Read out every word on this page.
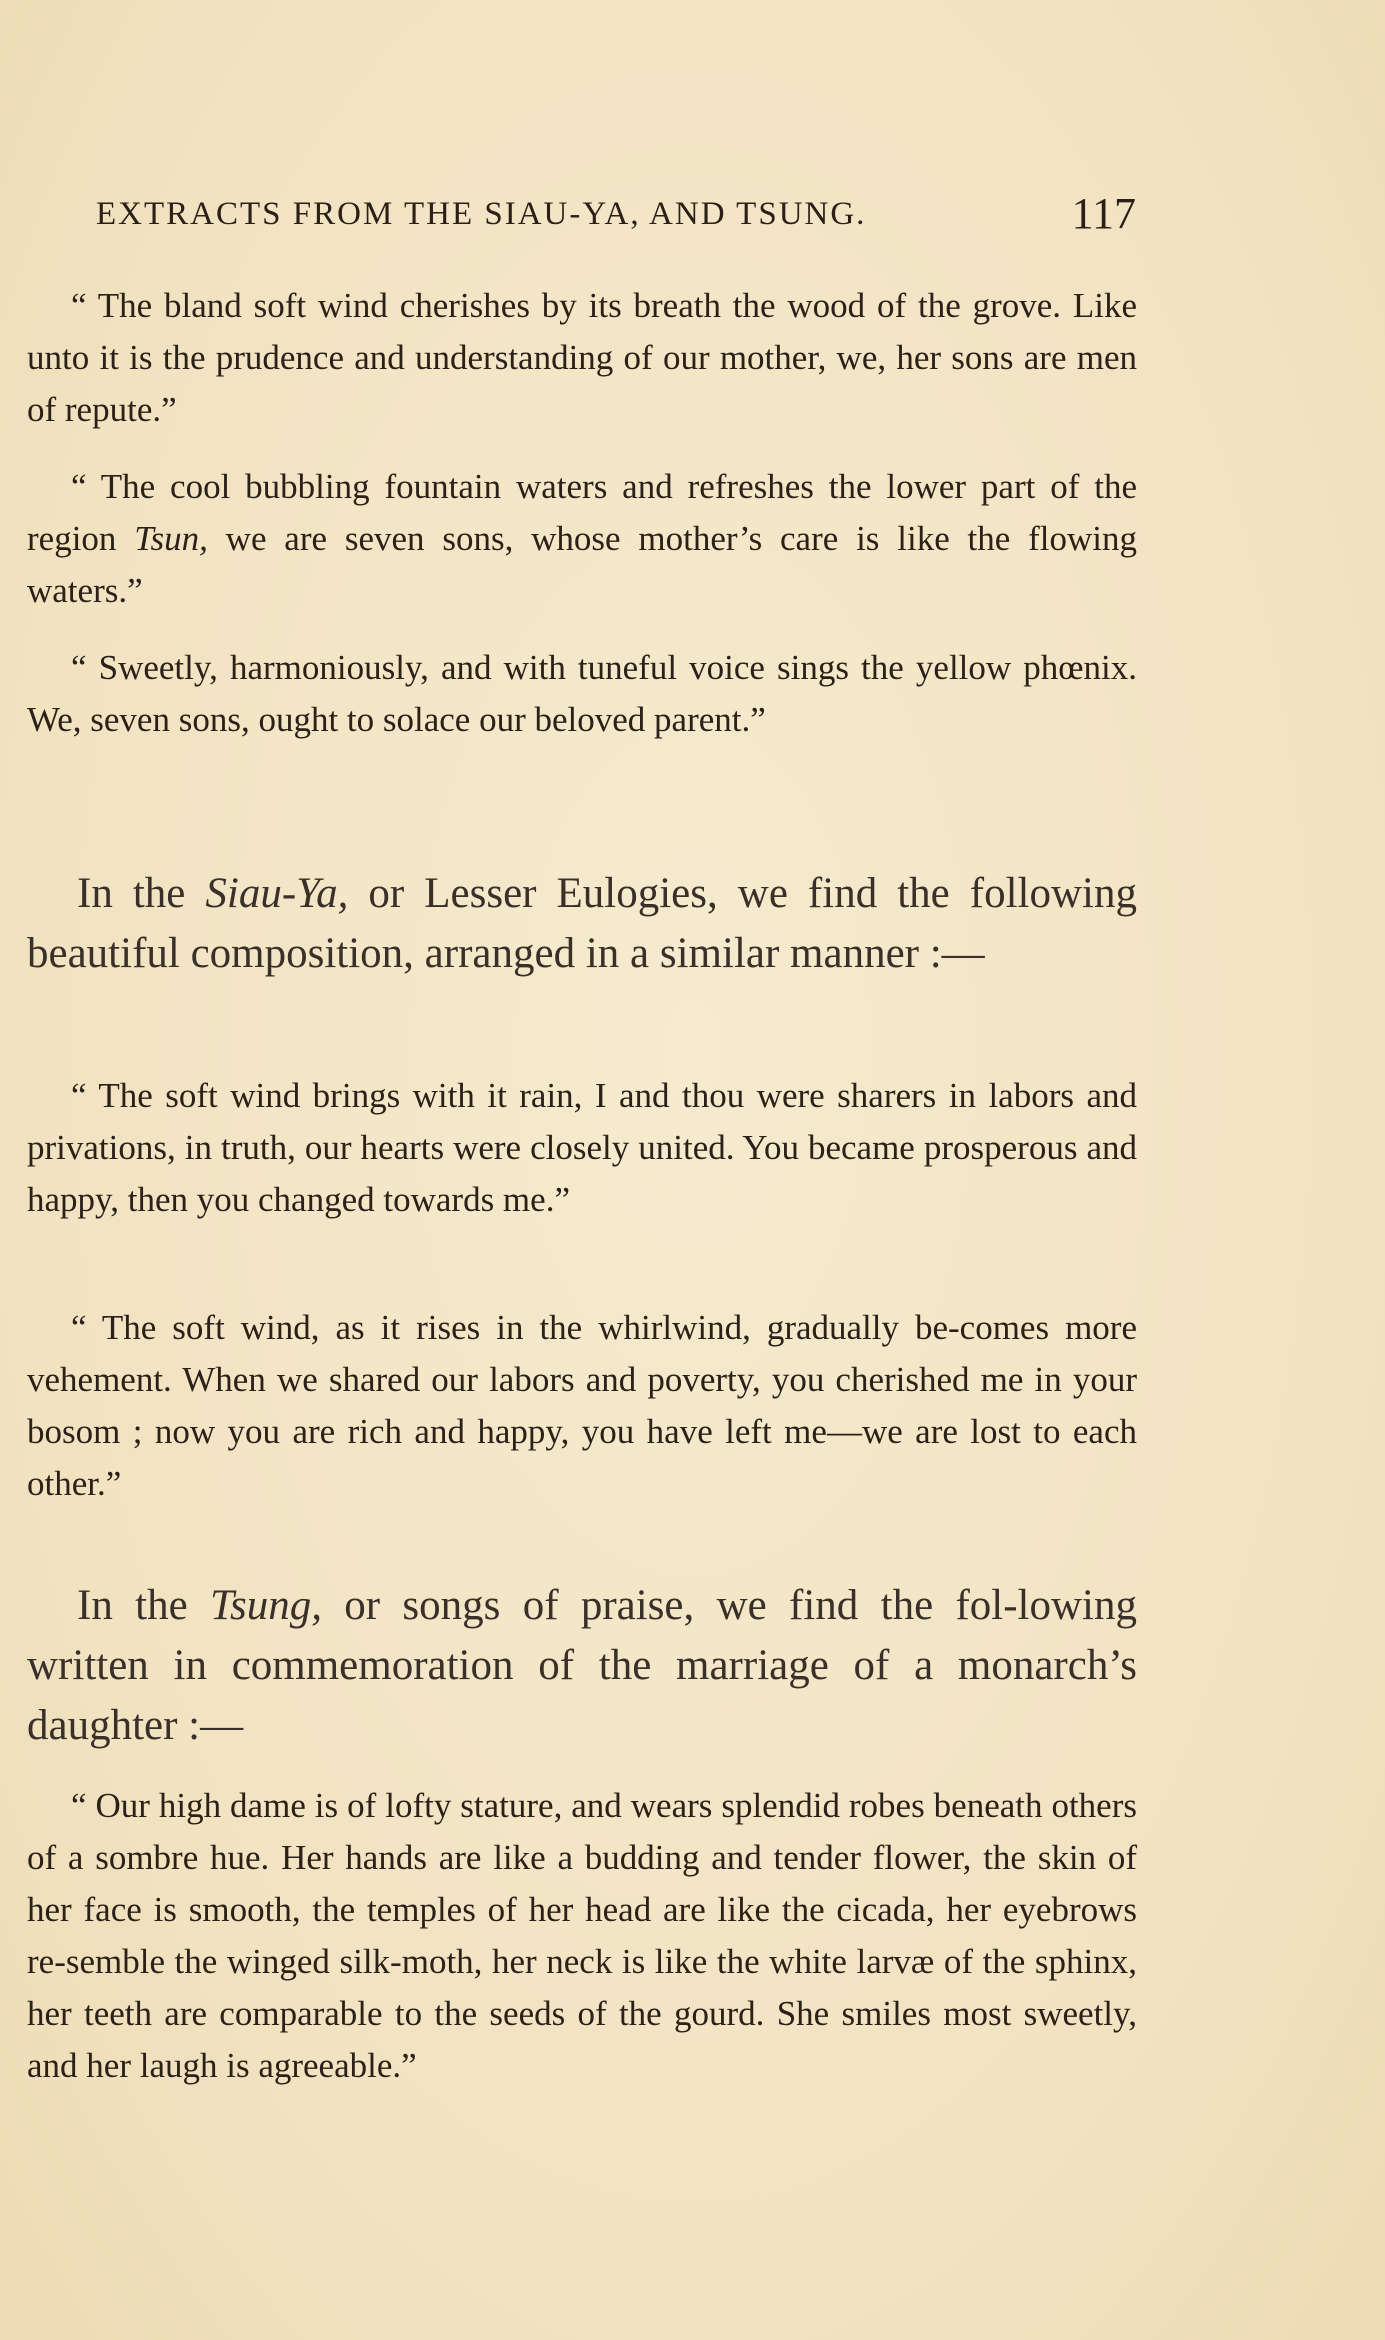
EXTRACTS FROM THE SIAU-YA, AND TSUNG.	117

“ The bland soft wind cherishes by its breath the wood of the grove. Like unto it is the prudence and understanding of our mother, we, her sons are men of repute.”

“ The cool bubbling fountain waters and refreshes the lower part of the region Tsun, we are seven sons, whose mother’s care is like the flowing waters.”

“ Sweetly, harmoniously, and with tuneful voice sings the yellow phœnix. We, seven sons, ought to solace our beloved parent.”

In the Siau-Ya, or Lesser Eulogies, we find the following beautiful composition, arranged in a similar manner :—

“ The soft wind brings with it rain, I and thou were sharers in labors and privations, in truth, our hearts were closely united. You became prosperous and happy, then you changed towards me.”

“ The soft wind, as it rises in the whirlwind, gradually be-comes more vehement. When we shared our labors and poverty, you cherished me in your bosom ; now you are rich and happy, you have left me—we are lost to each other.”

In the Tsung, or songs of praise, we find the fol-lowing written in commemoration of the marriage of a monarch’s daughter :—

“ Our high dame is of lofty stature, and wears splendid robes beneath others of a sombre hue. Her hands are like a budding and tender flower, the skin of her face is smooth, the temples of her head are like the cicada, her eyebrows re-semble the winged silk-moth, her neck is like the white larvæ of the sphinx, her teeth are comparable to the seeds of the gourd. She smiles most sweetly, and her laugh is agreeable.”
